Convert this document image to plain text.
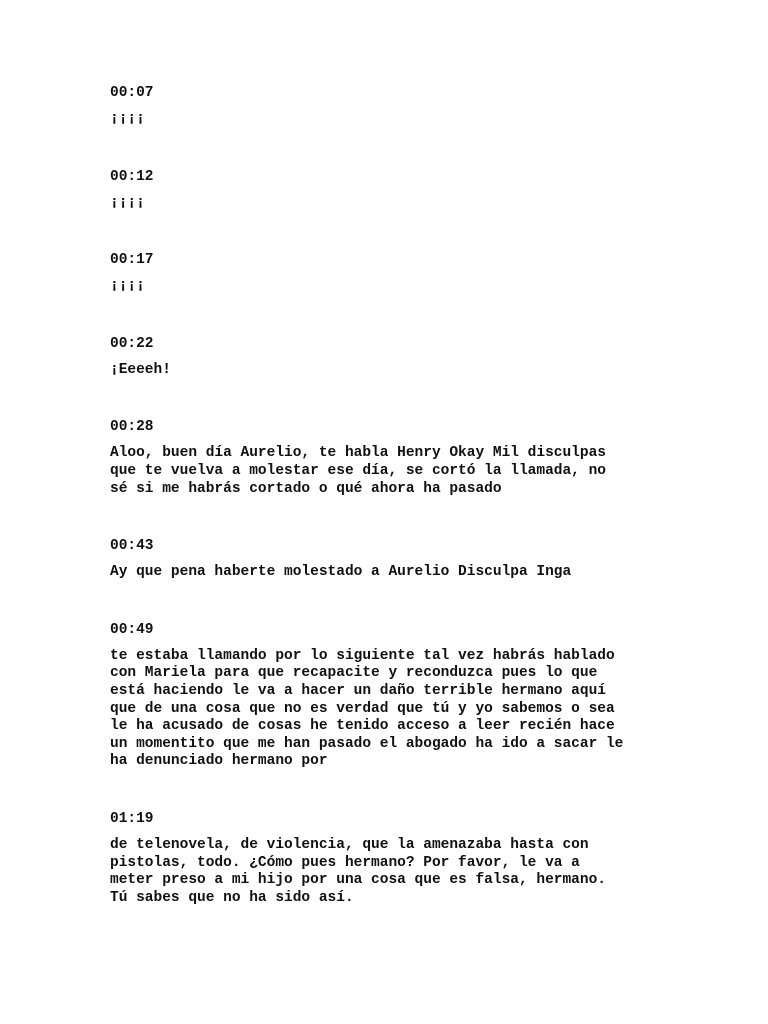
00:07
¡¡¡¡
00:12
¡¡¡¡
00:17
¡¡¡¡
00:22
¡Eeeeh!
00:28
Aloo, buen día Aurelio, te habla Henry Okay Mil disculpas
que te vuelva a molestar ese día, se cortó la llamada, no
sé si me habrás cortado o qué ahora ha pasado
00:43
Ay que pena haberte molestado a Aurelio Disculpa Inga
00:49
te estaba llamando por lo siguiente tal vez habrás hablado
con Mariela para que recapacite y reconduzca pues lo que
está haciendo le va a hacer un daño terrible hermano aquí
que de una cosa que no es verdad que tú y yo sabemos o sea
le ha acusado de cosas he tenido acceso a leer recién hace
un momentito que me han pasado el abogado ha ido a sacar le
ha denunciado hermano por
01:19
de telenovela, de violencia, que la amenazaba hasta con
pistolas, todo. ¿Cómo pues hermano? Por favor, le va a
meter preso a mi hijo por una cosa que es falsa, hermano.
Tú sabes que no ha sido así.
